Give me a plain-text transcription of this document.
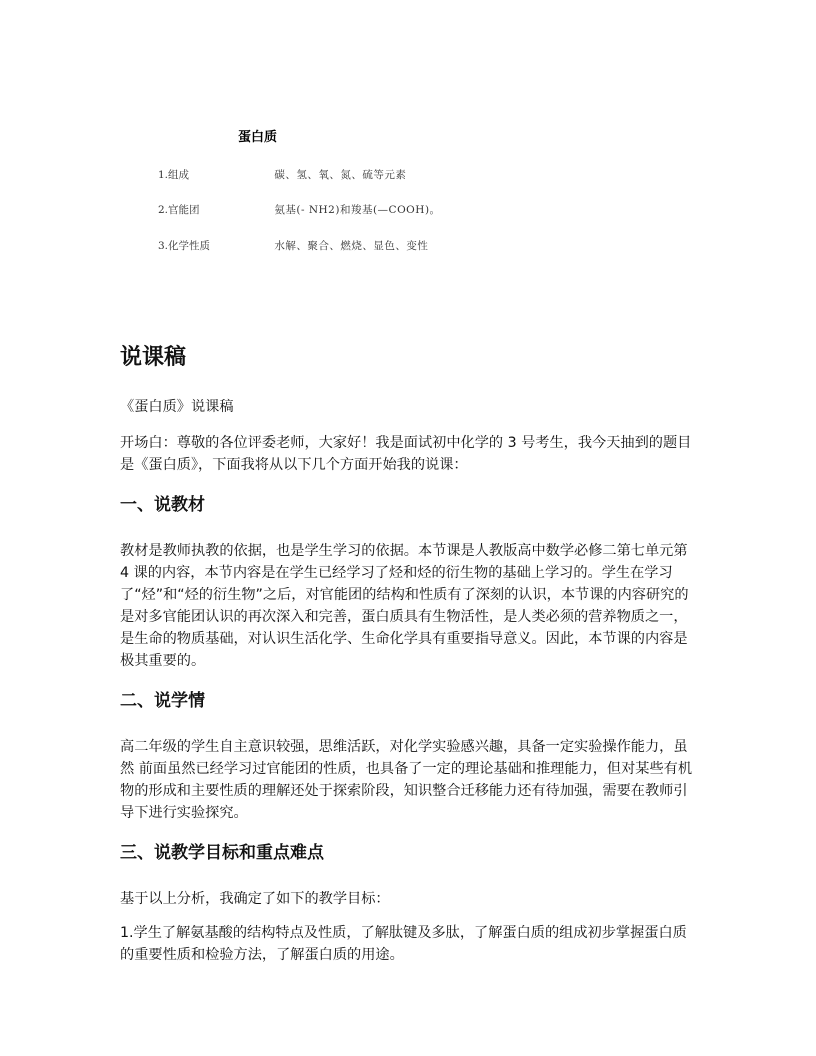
蛋白质
1.组成	碳、氢、氧、氮、硫等元素
2.官能团	氨基(- NH2)和羧基(—COOH)。
3.化学性质	水解、聚合、燃烧、显色、变性
说课稿

《蛋白质》说课稿

开场白：尊敬的各位评委老师，大家好！我是面试初中化学的 3 号考生，我今天抽到的题目是《蛋白质》，下面我将从以下几个方面开始我的说课：

一、说教材

教材是教师执教的依据，也是学生学习的依据。本节课是人教版高中数学必修二第七单元第 4 课的内容，本节内容是在学生已经学习了烃和烃的衍生物的基础上学习的。学生在学习了“烃”和“烃的衍生物”之后，对官能团的结构和性质有了深刻的认识，本节课的内容研究的是对多官能团认识的再次深入和完善，蛋白质具有生物活性，是人类必须的营养物质之一，是生命的物质基础，对认识生活化学、生命化学具有重要指导意义。因此，本节课的内容是极其重要的。

二、说学情

高二年级的学生自主意识较强，思维活跃，对化学实验感兴趣，具备一定实验操作能力，虽然 前面虽然已经学习过官能团的性质，也具备了一定的理论基础和推理能力，但对某些有机物的形成和主要性质的理解还处于探索阶段，知识整合迁移能力还有待加强，需要在教师引导下进行实验探究。

三、说教学目标和重点难点

基于以上分析，我确定了如下的教学目标：

1.学生了解氨基酸的结构特点及性质，了解肽键及多肽，了解蛋白质的组成初步掌握蛋白质的重要性质和检验方法，了解蛋白质的用途。
